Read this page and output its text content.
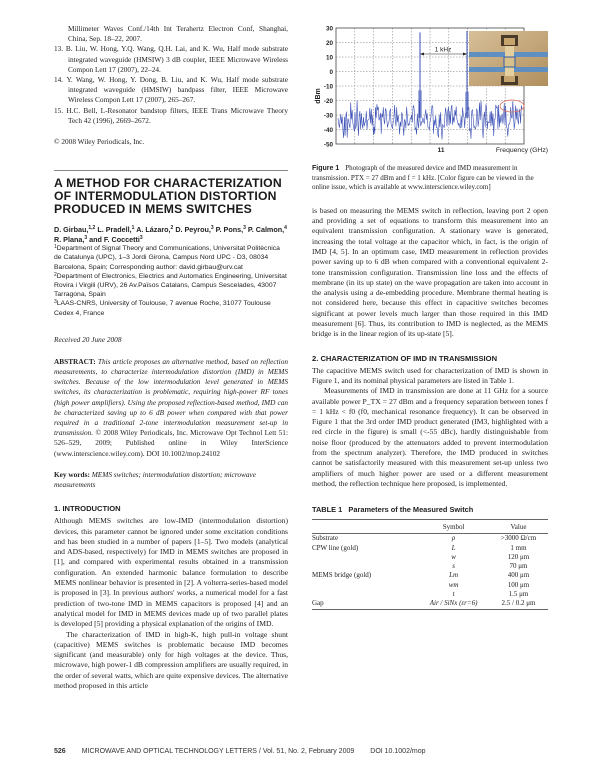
Millimeter Waves Conf./14th Int Terahertz Electron Conf, Shanghai, China, Sep. 18–22, 2007.

13. B. Liu, W. Hong, Y.Q. Wang, Q.H. Lai, and K. Wu, Half mode substrate integrated waveguide (HMSIW) 3 dB coupler, IEEE Microwave Wireless Compon Lett 17 (2007), 22–24.

14. Y. Wang, W. Hong, Y. Dong, B. Liu, and K. Wu, Half mode substrate integrated waveguide (HMSIW) bandpass filter, IEEE Microwave Wireless Compon Lett 17 (2007), 265–267.

15. H.C. Bell, L-Resonator bandstop filters, IEEE Trans Microwave Theory Tech 42 (1996), 2669–2672.

© 2008 Wiley Periodicals, Inc.
A METHOD FOR CHARACTERIZATION
OF INTERMODULATION DISTORTION
PRODUCED IN MEMS SWITCHES
D. Girbau,$^{1,2}$ L. Pradell,$^1$ A. Lázaro,$^2$ D. Peyrou,$^3$ P. Pons,$^3$ P. Calmon,$^4$ R. Plana,$^3$ and F. Coccetti$^3$
$^1$Department of Signal Theory and Communications, Universitat Politècnica de Catalunya (UPC), 1–3 Jordi Girona, Campus Nord UPC - D3, 08034 Barcelona, Spain; Corresponding author: david.girbau@urv.cat
$^2$Department of Electronics, Electrics and Automatics Engineering, Universitat Rovira i Virgili (URV), 26 Av.Països Catalans, Campus Sescelades, 43007 Tarragona, Spain
$^3$LAAS-CNRS, University of Toulouse, 7 avenue Roche, 31077 Toulouse Cedex 4, France
Received 20 June 2008
ABSTRACT: This article proposes an alternative method, based on reflection measurements, to characterize intermodulation distortion (IMD) in MEMS switches. Because of the low intermodulation level generated in MEMS switches, its characterization is problematic, requiring high-power RF tones (high power amplifiers). Using the proposed reflection-based method, IMD can be characterized saving up to 6 dB power when compared with that power required in a traditional 2-tone intermodulation measurement set-up in transmission. © 2008 Wiley Periodicals, Inc. Microwave Opt Technol Lett 51: 526–529, 2009; Published online in Wiley InterScience (www.interscience.wiley.com). DOI 10.1002/mop.24102
Key words: MEMS switches; intermodulation distortion; microwave measurements
1. INTRODUCTION

Although MEMS switches are low-IMD (intermodulation distortion) devices, this parameter cannot be ignored under some excitation conditions and has been studied in a number of papers [1–5]. Two models (analytical and ADS-based, respectively) for IMD in MEMS switches are proposed in [1], and compared with experimental results obtained in a transmission configuration. An extended harmonic balance formulation to describe MEMS nonlinear behavior is presented in [2]. A volterra-series-based model is proposed in [3]. In previous authors' works, a numerical model for a fast prediction of two-tone IMD in MEMS capacitors is proposed [4] and an analytical model for IMD in MEMS devices made up of two parallel plates is developed [5] providing a physical explanation of the origins of IMD.

The characterization of IMD in high-K, high pull-in voltage shunt (capacitive) MEMS switches is problematic because IMD becomes significant (and measurable) only for high voltages at the device. Thus, microwave, high power-1 dB compression amplifiers are usually required, in the order of several watts, which are quite expensive devices. The alternative method proposed in this article

30
20
10
0
-10
-20
-30
-40
-50
dBm
1 kHz
11	Frequency (GHz)
Figure 1 Photograph of the measured device and IMD measurement in transmission. PTX = 27 dBm and f = 1 kHz. [Color figure can be viewed in the online issue, which is available at www.interscience.wiley.com]

is based on measuring the MEMS switch in reflection, leaving port 2 open and providing a set of equations to transform this measurement into an equivalent transmission configuration. A stationary wave is generated, increasing the total voltage at the capacitor which, in fact, is the origin of IMD [4, 5]. In an optimum case, IMD measurement in reflection provides power saving up to 6 dB when compared with a conventional equivalent 2-tone transmission configuration. Transmission line loss and the effects of membrane (in its up state) on the wave propagation are taken into account in the analysis using a de-embedding procedure. Membrane thermal heating is not considered here, because this effect in capacitive switches becomes significant at power levels much larger than those required in this IMD measurement [6]. Thus, its contribution to IMD is neglected, as the MEMS bridge is in the linear region of its up-state [5].

2. CHARACTERIZATION OF IMD IN TRANSMISSION

The capacitive MEMS switch used for characterization of IMD is shown in Figure 1, and its nominal physical parameters are listed in Table 1.

Measurements of IMD in transmission are done at 11 GHz for a source available power P_TX = 27 dBm and a frequency separation between tones f = 1 kHz < f0 (f0, mechanical resonance frequency). It can be observed in Figure 1 that the 3rd order IMD product generated (IM3, highlighted with a red circle in the figure) is small (<-55 dBc), hardly distinguishable from noise floor (produced by the attenuators added to prevent intermodulation from the spectrum analyzer). Therefore, the IMD produced in switches cannot be satisfactorily measured with this measurement set-up unless two amplifiers of much higher power are used or a different measurement method, the reflection technique here proposed, is implemented.

TABLE 1 Parameters of the Measured Switch
	Symbol	Value
Substrate	ρ	>3000 Ω/cm
CPW line (gold)	L	1 mm
	w	120 μm
	s	70 μm
MEMS bridge (gold)	Lm	400 μm
	wm	100 μm
	t	1.5 μm
Gap	Air / SiNx (εr=6)	2.5 / 0.2 μm
526 MICROWAVE AND OPTICAL TECHNOLOGY LETTERS / Vol. 51, No. 2, February 2009 DOI 10.1002/mop
